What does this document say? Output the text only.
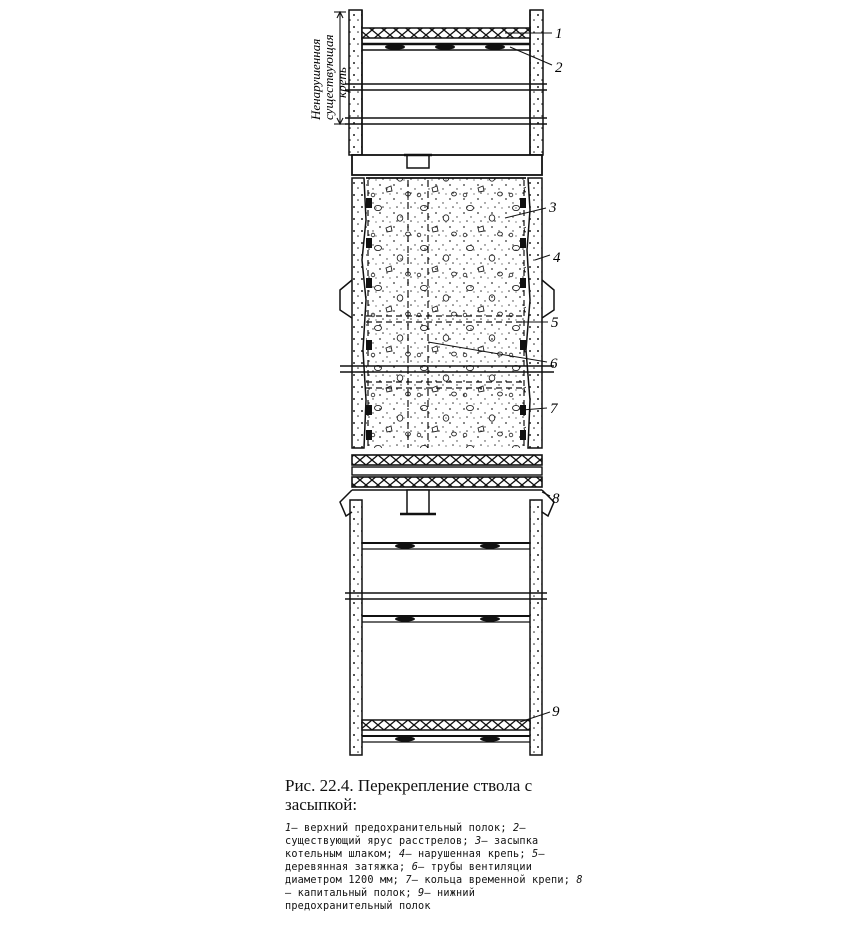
Ненарушенная
существующая
крепь
1
2
3
4
5
6
7
8
9

Рис. 22.4. Перекрепление ствола с засыпкой:

1— верхний предохранительный полок; 2— существующий ярус расстрелов; 3— засыпка котельным шлаком; 4— нарушенная крепь; 5— деревянная затяжка; 6— трубы вентиляции диаметром 1200 мм; 7— кольца временной крепи; 8— капитальный полок; 9— нижний предохранительный полок
